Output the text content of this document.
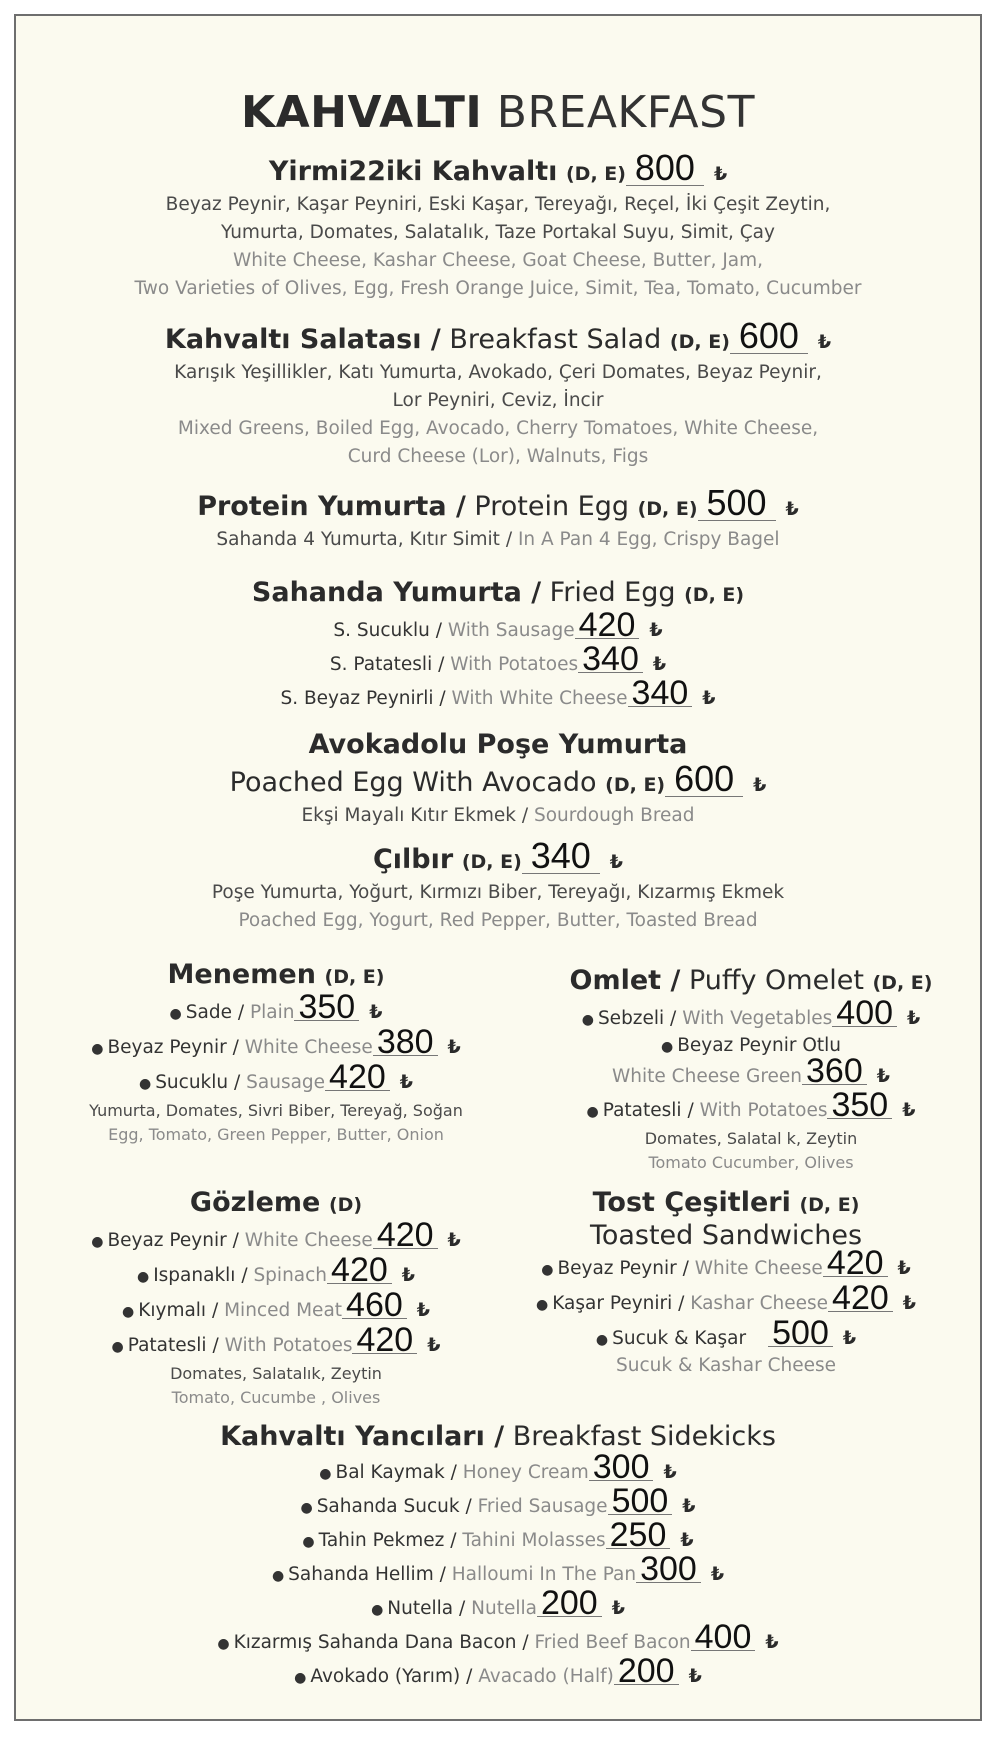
KAHVALTI BREAKFAST
Yirmi22iki Kahvaltı (D, E) 800 ₺
Beyaz Peynir, Kaşar Peyniri, Eski Kaşar, Tereyağı, Reçel, İki Çeşit Zeytin,
Yumurta, Domates, Salatalık, Taze Portakal Suyu, Simit, Çay
White Cheese, Kashar Cheese, Goat Cheese, Butter, Jam,
Two Varieties of Olives, Egg, Fresh Orange Juice, Simit, Tea, Tomato, Cucumber
Kahvaltı Salatası / Breakfast Salad (D, E) 600 ₺
Karışık Yeşillikler, Katı Yumurta, Avokado, Çeri Domates, Beyaz Peynir,
Lor Peyniri, Ceviz, İncir
Mixed Greens, Boiled Egg, Avocado, Cherry Tomatoes, White Cheese,
Curd Cheese (Lor), Walnuts, Figs
Protein Yumurta / Protein Egg (D, E) 500 ₺
Sahanda 4 Yumurta, Kıtır Simit / In A Pan 4 Egg, Crispy Bagel
Sahanda Yumurta / Fried Egg (D, E)
S. Sucuklu / With Sausage 420 ₺
S. Patatesli / With Potatoes 340 ₺
S. Beyaz Peynirli / With White Cheese 340 ₺
Avokadolu Poşe Yumurta
Poached Egg With Avocado (D, E) 600 ₺
Ekşi Mayalı Kıtır Ekmek / Sourdough Bread
Çılbır (D, E) 340 ₺
Poşe Yumurta, Yoğurt, Kırmızı Biber, Tereyağı, Kızarmış Ekmek
Poached Egg, Yogurt, Red Pepper, Butter, Toasted Bread
Menemen (D, E)
● Sade / Plain 350 ₺
● Beyaz Peynir / White Cheese 380 ₺
● Sucuklu / Sausage 420 ₺
Yumurta, Domates, Sivri Biber, Tereyağ, Soğan
Egg, Tomato, Green Pepper, Butter, Onion
Omlet / Puffy Omelet (D, E)
● Sebzeli / With Vegetables 400 ₺
● Beyaz Peynir Otlu
White Cheese Green 360 ₺
● Patatesli / With Potatoes 350 ₺
Domates, Salatal k, Zeytin
Tomato Cucumber, Olives
Gözleme (D)
● Beyaz Peynir / White Cheese 420 ₺
● Ispanaklı / Spinach 420 ₺
● Kıymalı / Minced Meat 460 ₺
● Patatesli / With Potatoes 420 ₺
Domates, Salatalık, Zeytin
Tomato, Cucumbe , Olives
Tost Çeşitleri (D, E)
Toasted Sandwiches
● Beyaz Peynir / White Cheese 420 ₺
● Kaşar Peyniri / Kashar Cheese 420 ₺
● Sucuk & Kaşar 500 ₺
Sucuk & Kashar Cheese
Kahvaltı Yancıları / Breakfast Sidekicks
● Bal Kaymak / Honey Cream 300 ₺
● Sahanda Sucuk / Fried Sausage 500 ₺
● Tahin Pekmez / Tahini Molasses 250 ₺
● Sahanda Hellim / Halloumi In The Pan 300 ₺
● Nutella / Nutella 200 ₺
● Kızarmış Sahanda Dana Bacon / Fried Beef Bacon 400 ₺
● Avokado (Yarım) / Avacado (Half) 200 ₺
